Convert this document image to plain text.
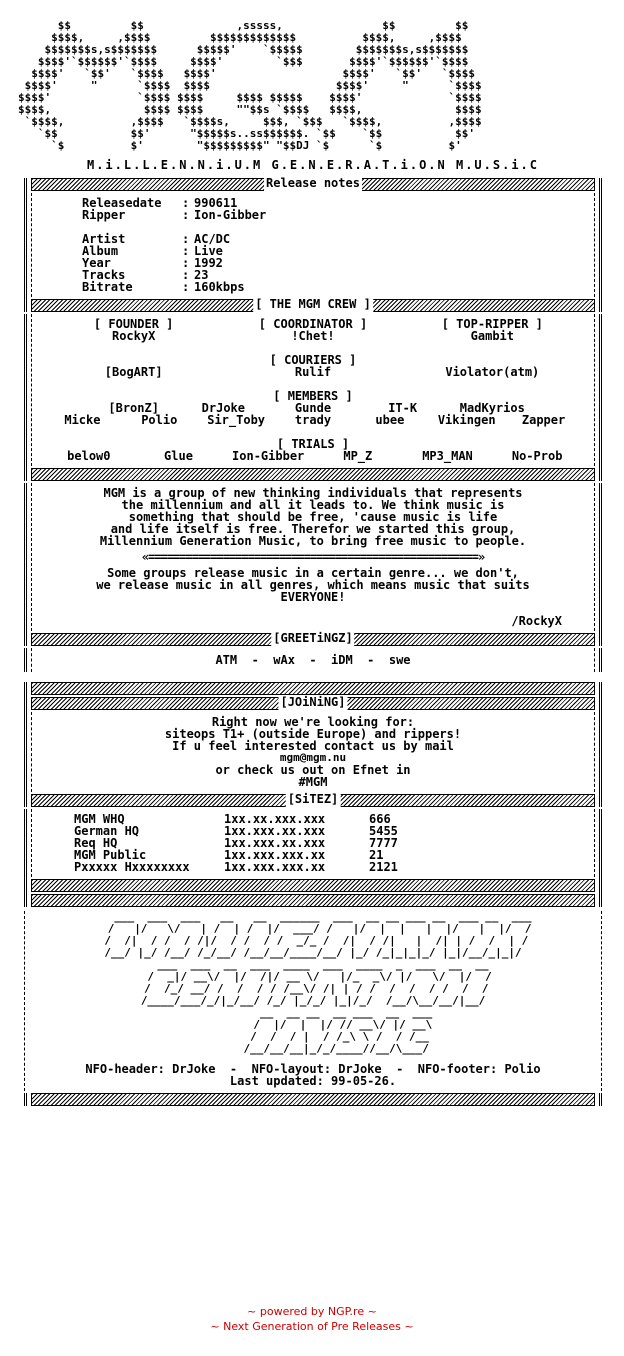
$$         $$              ,sssss,               $$         $$
$$$$,     ,$$$$         $$$$$$$$$$$$$          $$$$,     ,$$$$
$$$$$$$s,s$$$$$$$      $$$$$'    `$$$$$        $$$$$$$s,s$$$$$$$
$$$$'`$$$$$$'`$$$$     $$$$'        `$$$       $$$$'`$$$$$$'`$$$$
$$$$'   `$$'   `$$$$   $$$$'                   $$$$'   `$$'   `$$$$
$$$$'     "      `$$$$  $$$$                   $$$$'     "      `$$$$
$$$$'             `$$$$ $$$$     $$$$ $$$$$    $$$$'             `$$$$
$$$$,              $$$$ $$$$     ""$$s `$$$$   $$$$,              $$$$
`$$$$,          ,$$$$   `$$$$s,     $$$, `$$$   `$$$$,          ,$$$$
`$$           $$'      "$$$$$s..ss$$$$$$. `$$    `$$           $$'
`$          $'        "$$$$$$$$$" "$$DJ `$      `$          $'
M.i.L.L.E.N.N.i.U.M G.E.N.E.R.A.T.i.O.N M.U.S.i.C
Release notes
Releasedate	: 990611
Ripper	: Ion-Gibber
Artist	: AC/DC
Album	: Live
Year	: 1992
Tracks	: 23
Bitrate	: 160kbps
[ THE MGM CREW ]
[ FOUNDER ]	[ COORDINATOR ]	[ TOP-RIPPER ]
RockyX	!Chet!	Gambit
[ COURIERS ]
[BogART]	Rulif	Violator(atm)
[ MEMBERS ]
[BronZ]	DrJoke	Gunde	IT-K	MadKyrios
Micke	Polio	Sir_Toby	trady	ubee	Vikingen	Zapper
[ TRIALS ]
below0	Glue	Ion-Gibber	MP_Z	MP3_MAN	No-Prob
MGM is a group of new thinking individuals that represents
the millennium and all it leads to. We think music is
something that should be free, 'cause music is life
and life itself is free. Therefor we started this group,
Millennium Generation Music, to bring free music to people.
«=====================================================»
Some groups release music in a certain genre... we don't,
we release music in all genres, which means music that suits
EVERYONE!
/RockyX
[GREETiNGZ]
ATM  -  wAx  -  iDM  -  swe
[JOiNiNG]
Right now we're looking for:
siteops T1+ (outside Europe) and rippers!
If u feel interested contact us by mail
mgm@mgm.nu
or check us out on Efnet in
#MGM
[SiTEZ]
MGM WHQ	1xx.xx.xxx.xxx	666
German HQ	1xx.xxx.xx.xxx	5455
Req HQ	1xx.xxx.xx.xxx	7777
MGM Public	1xx.xxx.xxx.xx	21
Pxxxxx Hxxxxxxxx	1xx.xxx.xxx.xx	2121
___  ___  ___   __   __  ______  ___  __ __ ___ __  ___ __  ___
/   |/   \/   | /  | /  |/  ___/ /   |/  |  |   |  |/   |  |/  /
/  /|  / /  / /|/  / /  / /  _/_ /  /|  / /|   |  /| | /  /  | /
/__/ |_/ /__/ /_/__/ /__/__/____/__/ |_/ /_|_|_|_/ |_|/__/_|_|/
___  ___  __  ___  ____  ___  ____  _  ___  __  __
/  _|/ __\/  |/  /|/ __ \/   |/_  _\/ |/   \/  |/  /
/  /_/ __/ /  /  / / /__\/ /| | / /  /  /  / /  /  /
/____/___/_/|_/__/ /_/ |_/_/ |_|/_/  /__/\__/__/|__/
__  __ __  __ ___  __  ___
/  |/  |  |/ // __\/ |/ __\
/  /  / |  / /_\ \ /  / /__
/__/__/__|_/_/____//__/\___/
NFO-header: DrJoke  -  NFO-layout: DrJoke  -  NFO-footer: Polio
Last updated: 99-05-26.
~ powered by NGP.re ~
~ Next Generation of Pre Releases ~
